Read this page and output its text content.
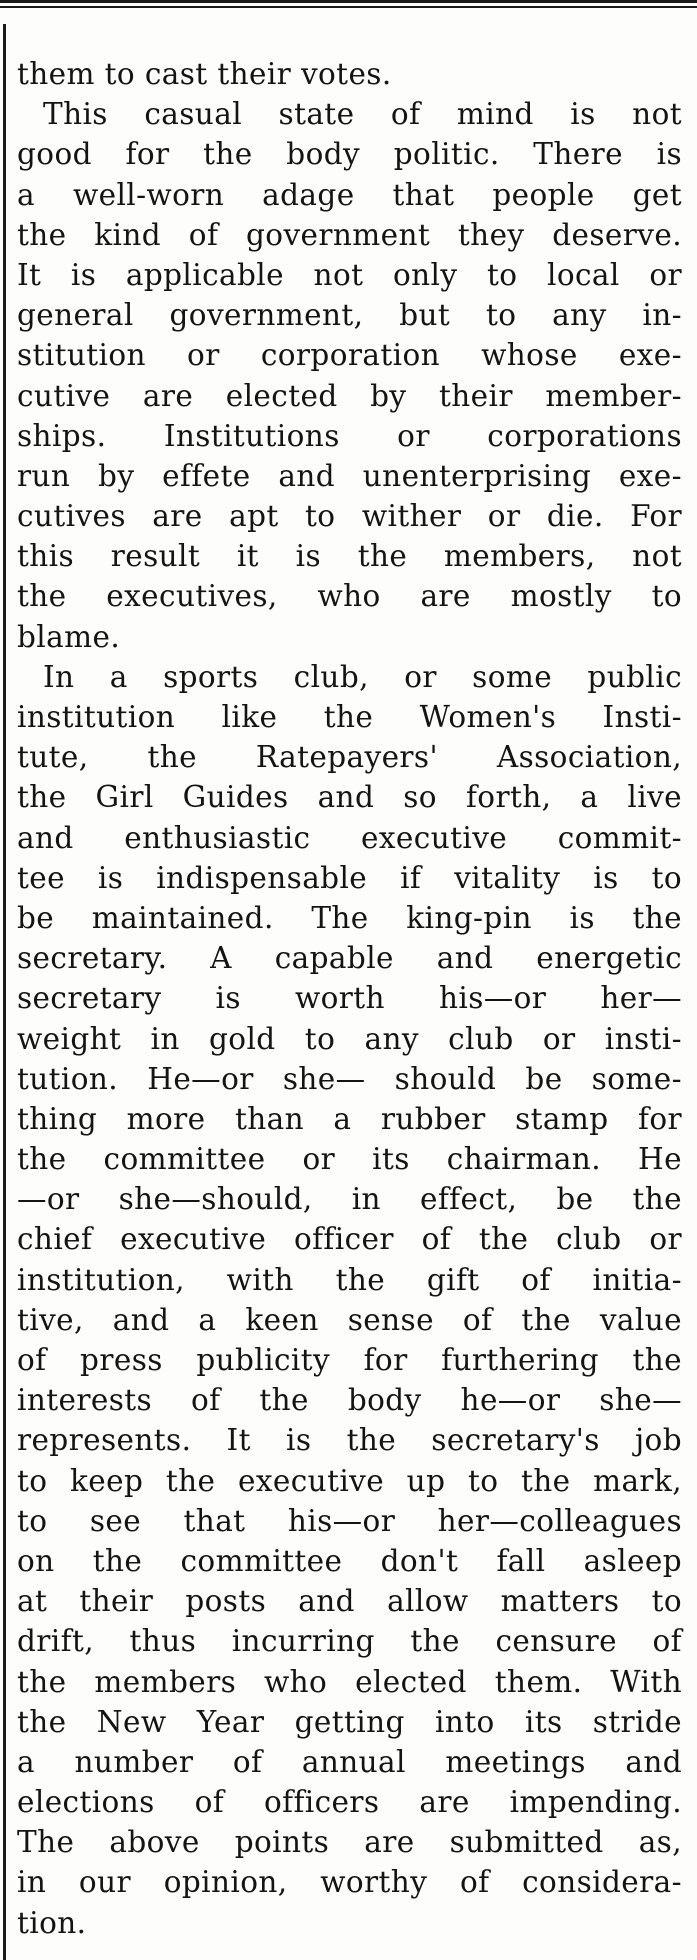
them to cast their votes.
This casual state of mind is not
good for the body politic. There is
a well-worn adage that people get
the kind of government they deserve.
It is applicable not only to local or
general government, but to any in-
stitution or corporation whose exe-
cutive are elected by their member-
ships. Institutions or corporations
run by effete and unenterprising exe-
cutives are apt to wither or die. For
this result it is the members, not
the executives, who are mostly to
blame.
In a sports club, or some public
institution like the Women's Insti-
tute, the Ratepayers' Association,
the Girl Guides and so forth, a live
and enthusiastic executive commit-
tee is indispensable if vitality is to
be maintained. The king-pin is the
secretary. A capable and energetic
secretary is worth his—or her—
weight in gold to any club or insti-
tution. He—or she— should be some-
thing more than a rubber stamp for
the committee or its chairman. He
—or she—should, in effect, be the
chief executive officer of the club or
institution, with the gift of initia-
tive, and a keen sense of the value
of press publicity for furthering the
interests of the body he—or she—
represents. It is the secretary's job
to keep the executive up to the mark,
to see that his—or her—colleagues
on the committee don't fall asleep
at their posts and allow matters to
drift, thus incurring the censure of
the members who elected them. With
the New Year getting into its stride
a number of annual meetings and
elections of officers are impending.
The above points are submitted as,
in our opinion, worthy of considera-
tion.
